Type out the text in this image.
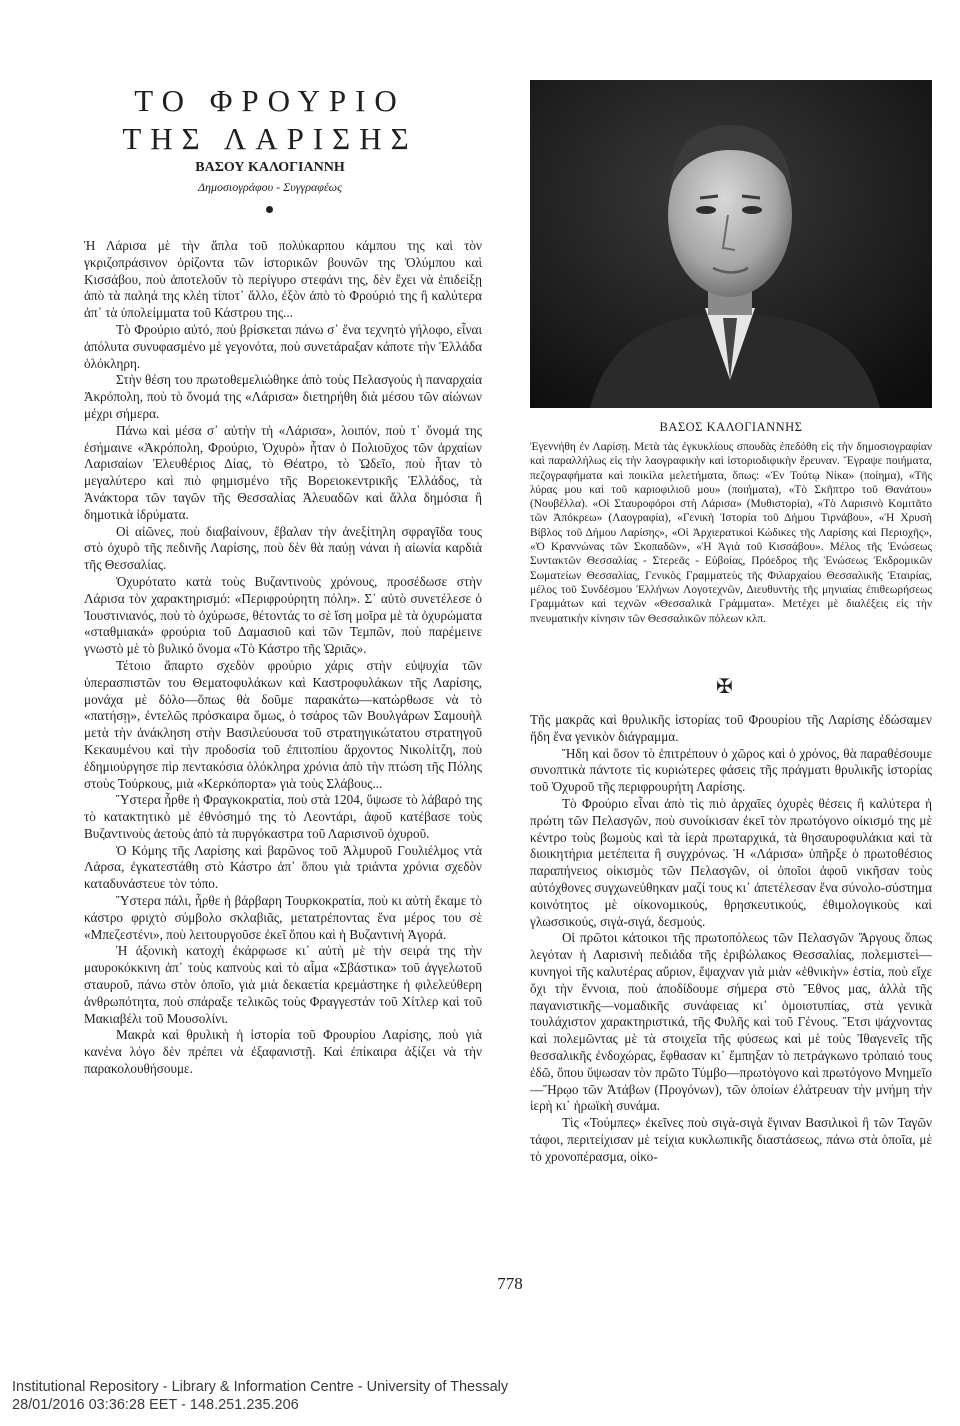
ΤΟ ΦΡΟΥΡΙΟ
ΤΗΣ ΛΑΡΙΣΗΣ
ΒΑΣΟΥ ΚΑΛΟΓΙΑΝΝΗ
Δημοσιογράφου - Συγγραφέως

Ἡ Λάρισα μὲ τὴν ἄπλα τοῦ πολύκαρπου κάμπου της καὶ τὸν γκριζοπράσινον ὁρίζοντα τῶν ἱστορικῶν βουνῶν της Ὀλύμπου καὶ Κισσάβου, ποὺ ἀποτελοῦν τὸ περίγυρο στεφάνι της, δὲν ἔχει νὰ ἐπιδείξῃ ἀπὸ τὰ παληά της κλέη τίποτ᾽ ἄλλο, ἐξὸν ἀπὸ τὸ Φρούριό της ἢ καλύτερα ἀπ᾽ τὰ ὑπολείμματα τοῦ Κάστρου της...

Τὸ Φρούριο αὐτό, ποὺ βρίσκεται πάνω σ᾽ ἕνα τεχνητὸ γήλοφο, εἶναι ἀπόλυτα συνυφασμένο μὲ γεγονότα, ποὺ συνετάραξαν κάποτε τὴν Ἑλλάδα ὁλόκληρη.

Στὴν θέση του πρωτοθεμελιώθηκε ἀπὸ τοὺς Πελασγοὺς ἡ παναρχαία Ἀκρόπολη, ποὺ τὸ ὄνομά της «Λάρισα» διετηρήθη διὰ μέσου τῶν αἰώνων μέχρι σήμερα.

Πάνω καὶ μέσα σ᾽ αὐτὴν τὴ «Λάρισα», λοιπόν, ποὺ τ᾽ ὄνομά της ἐσήμαινε «Ἀκρόπολη, Φρούριο, Ὀχυρὸ» ἦταν ὁ Πολιοῦχος τῶν ἀρχαίων Λαρισαίων Ἐλευθέριος Δίας, τὸ Θέατρο, τὸ Ὠδεῖο, ποὺ ἦταν τὸ μεγαλύτερο καὶ πιὸ φημισμένο τῆς Βορειοκεντρικῆς Ἑλλάδος, τὰ Ἀνάκτορα τῶν ταγῶν τῆς Θεσσαλίας Ἀλευαδῶν καὶ ἄλλα δημόσια ἢ δημοτικὰ ἱδρύματα.

Οἱ αἰῶνες, ποὺ διαβαίνουν, ἔβαλαν τὴν ἀνεξίτηλη σφραγῖδα τους στὸ ὀχυρὸ τῆς πεδινῆς Λαρίσης, ποὺ δὲν θὰ παύῃ νάναι ἡ αἰωνία καρδιὰ τῆς Θεσσαλίας.

Ὀχυρότατο κατὰ τοὺς Βυζαντινοὺς χρόνους, προσέδωσε στὴν Λάρισα τὸν χαρακτηρισμό: «Περιφρούρητη πόλη». Σ᾽ αὐτὸ συνετέλεσε ὁ Ἰουστινιανός, ποὺ τὸ ὀχύρωσε, θέτοντάς το σὲ ἴση μοῖρα μὲ τὰ ὀχυρώματα «σταθμιακά» φρούρια τοῦ Δαμασιοῦ καὶ τῶν Τεμπῶν, ποὺ παρέμεινε γνωστὸ μὲ τὸ βυλικό ὄνομα «Τὸ Κάστρο τῆς Ὠριᾶς».

Τέτοιο ἄπαρτο σχεδὸν φρούριο χάρις στὴν εὐψυχία τῶν ὑπερασπιστῶν του Θεματοφυλάκων καὶ Καστροφυλάκων τῆς Λαρίσης, μονάχα μὲ δόλο—ὅπως θὰ δοῦμε παρακάτω—κατώρθωσε νὰ τὸ «πατήσῃ», ἐντελῶς πρόσκαιρα ὅμως, ὁ τσάρος τῶν Βουλγάρων Σαμουὴλ μετὰ τὴν ἀνάκληση στὴν Βασιλεύουσα τοῦ στρατηγικώτατου στρατηγοῦ Κεκαυμένου καὶ τὴν προδοσία τοῦ ἐπιτοπίου ἄρχοντος Νικολίτζη, ποὺ ἐδημιούργησε πὶρ πεντακόσια ὁλόκληρα χρόνια ἀπὸ τὴν πτώση τῆς Πόλης στοὺς Τούρκους, μιὰ «Κερκόπορτα» γιὰ τοὺς Σλάβους...

Ὕστερα ἦρθε ἡ Φραγκοκρατία, ποὺ στὰ 1204, ὕψωσε τὸ λάβαρό της τὸ κατακτητικὸ μὲ ἐθνόσημό της τὸ Λεοντάρι, ἀφοῦ κατέβασε τοὺς Βυζαντινοὺς ἀετοὺς ἀπὸ τὰ πυργόκαστρα τοῦ Λαρισινοῦ ὀχυροῦ.

Ὁ Κόμης τῆς Λαρίσης καὶ βαρῶνος τοῦ Ἀλμυροῦ Γουλιέλμος ντὰ Λάρσα, ἐγκατεστάθη στὸ Κάστρο ἀπ᾽ ὅπου γιὰ τριάντα χρόνια σχεδὸν καταδυνάστευε τὸν τόπο.

Ὕστερα πάλι, ἦρθε ἡ βάρβαρη Τουρκοκρατία, ποὺ κι αὐτὴ ἔκαμε τὸ κάστρο φριχτὸ σύμβολο σκλαβιᾶς, μετατρέποντας ἕνα μέρος του σὲ «Μπεζεστένι», ποὺ λειτουργοῦσε ἐκεῖ ὅπου καὶ ἡ Βυζαντινὴ Ἀγορά.

Ἡ ἀξονικὴ κατοχὴ ἐκάρφωσε κι᾽ αὐτὴ μὲ τὴν σειρά της τὴν μαυροκόκκινη ἀπ᾽ τοὺς καπνοὺς καὶ τὸ αἷμα «Σβάστικα» τοῦ ἀγγελωτοῦ σταυροῦ, πάνω στὸν ὁποῖο, γιὰ μιὰ δεκαετία κρεμάστηκε ἡ φιλελεύθερη ἀνθρωπότητα, ποὺ σπάραξε τελικῶς τοὺς Φραγγεστάν τοῦ Χίτλερ καὶ τοῦ Μακιαβέλι τοῦ Μουσολίνι.

Μακρὰ καὶ θρυλικὴ ἡ ἱστορία τοῦ Φρουρίου Λαρίσης, ποὺ γιὰ κανένα λόγο δὲν πρέπει νὰ ἐξαφανιστῇ. Καὶ ἐπίκαιρα ἀξίζει νὰ τὴν παρακολουθήσουμε.

ΒΑΣΟΣ ΚΑΛΟΓΙΑΝΝΗΣ

Ἐγεννήθη ἐν Λαρίσῃ. Μετὰ τὰς ἐγκυκλίους σπουδὰς ἐπεδόθη εἰς τὴν δημοσιογραφίαν καὶ παραλλήλως εἰς τὴν λαογραφικὴν καὶ ἱστοριοδιφικὴν ἔρευναν. Ἔγραψε ποιήματα, πεζογραφήματα καὶ ποικίλα μελετήματα, ὅπως: «Ἐν Τούτῳ Νίκα» (ποίημα), «Τῆς λύρας μου καὶ τοῦ καριοφιλιοῦ μου» (ποιήματα), «Τὸ Σκῆπτρο τοῦ Θανάτου» (Νουβέλλα). «Οἱ Σταυροφόροι στὴ Λάρισα» (Μυθιστορία), «Τὸ Λαρισινὸ Κομιτᾶτο τῶν Ἀπόκρεω» (Λαογραφία), «Γενικὴ Ἱστορία τοῦ Δήμου Τιρνάβου», «Ἡ Χρυσὴ Βίβλος τοῦ Δήμου Λαρίσης», «Οἱ Ἀρχιερατικοὶ Κώδικες τῆς Λαρίσης καὶ Περιοχῆς», «Ὁ Κραννώνας τῶν Σκοπαδῶν», «Ἡ Ἁγιὰ τοῦ Κισσάβου». Μέλος τῆς Ἑνώσεως Συντακτῶν Θεσσαλίας - Στερεᾶς - Εὐβοίας, Πρόεδρος τῆς Ἑνώσεως Ἐκδρομικῶν Σωματείων Θεσσαλίας, Γενικὸς Γραμματεὺς τῆς Φιλαρχαίου Θεσσαλικῆς Ἑταιρίας, μέλος τοῦ Συνδέσμου Ἑλλήνων Λογοτεχνῶν, Διευθυντὴς τῆς μηνιαίας ἐπιθεωρήσεως Γραμμάτων καὶ τεχνῶν «Θεσσαλικὰ Γράμματα». Μετέχει μὲ διαλέξεις εἰς τὴν πνευματικὴν κίνησιν τῶν Θεσσαλικῶν πόλεων κλπ.

✠

Τῆς μακρᾶς καὶ θρυλικῆς ἱστορίας τοῦ Φρουρίου τῆς Λαρίσης ἐδώσαμεν ἤδη ἕνα γενικὸν διάγραμμα.

Ἤδη καὶ ὅσον τὸ ἐπιτρέπουν ὁ χῶρος καὶ ὁ χρόνος, θὰ παραθέσουμε συνοπτικὰ πάντοτε τὶς κυριώτερες φάσεις τῆς πράγματι θρυλικῆς ἱστορίας τοῦ Ὀχυροῦ τῆς περιφρουρήτη Λαρίσης.

Τὸ Φρούριο εἶναι ἀπὸ τὶς πιὸ ἀρχαῖες ὀχυρὲς θέσεις ἢ καλύτερα ἡ πρώτη τῶν Πελασγῶν, ποὺ συνοίκισαν ἐκεῖ τὸν πρωτόγονο οἰκισμό της μὲ κέντρο τοὺς βωμοὺς καὶ τὰ ἱερὰ πρωταρχικά, τὰ θησαυροφυλάκια καὶ τὰ διοικητήρια μετέπειτα ἢ συγχρόνως. Ἡ «Λάρισα» ὑπῆρξε ὁ πρωτοθέσιος παραπήνειος οἰκισμὸς τῶν Πελασγῶν, οἱ ὁποῖοι ἀφοῦ νικῆσαν τοὺς αὐτόχθονες συγχωνεύθηκαν μαζί τους κι᾽ ἀπετέλεσαν ἕνα σύνολο-σύστημα κοινότητος μὲ οἰκονομικούς, θρησκευτικούς, ἐθιμολογικοὺς καὶ γλωσσικούς, σιγὰ-σιγά, δεσμούς.

Οἱ πρῶτοι κάτοικοι τῆς πρωτοπόλεως τῶν Πελασγῶν Ἄργους ὅπως λεγόταν ἡ Λαρισινὴ πεδιάδα τῆς ἐριβώλακος Θεσσαλίας, πολεμιστεὶ—κυνηγοὶ τῆς καλυτέρας αὔριον, ἔψαχναν γιὰ μιὰν «ἑθνικὴν» ἑστία, ποὺ εἴχε ὄχι τὴν ἔννοια, ποὺ ἀποδίδουμε σήμερα στὸ Ἔθνος μας, ἀλλὰ τῆς παγανιστικῆς—νομαδικῆς συνάφειας κι᾽ ὁμοιοτυπίας, στὰ γενικὰ τουλάχιστον χαρακτηριστικά, τῆς Φυλῆς καὶ τοῦ Γένους. Ἔτσι ψάχνοντας καὶ πολεμῶντας μὲ τὰ στοιχεῖα τῆς φύσεως καὶ μὲ τοὺς Ἰθαγενεῖς τῆς θεσσαλικῆς ἐνδοχώρας, ἔφθασαν κι᾽ ἔμπηξαν τὸ πετράγκωνο τρόπαιό τους ἐδῶ, ὅπου ὕψωσαν τὸν πρῶτο Τύμβο—πρωτόγονο καὶ πρωτόγονο Μνημεῖο—Ἥρῳο τῶν Ἀτάβων (Προγόνων), τῶν ὁποίων ἐλάτρευαν τὴν μνήμη τὴν ἱερὴ κι᾽ ἡρωϊκὴ συνάμα.

Τὶς «Τούμπες» ἐκεῖνες ποὺ σιγὰ-σιγὰ ἔγιναν Βασιλικοὶ ἢ τῶν Ταγῶν τάφοι, περιτείχισαν μὲ τείχια κυκλωπικῆς διαστάσεως, πάνω στὰ ὁποῖα, μὲ τὸ χρονοπέρασμα, οἰκο-

778
Institutional Repository - Library & Information Centre - University of Thessaly
28/01/2016 03:36:28 EET - 148.251.235.206
